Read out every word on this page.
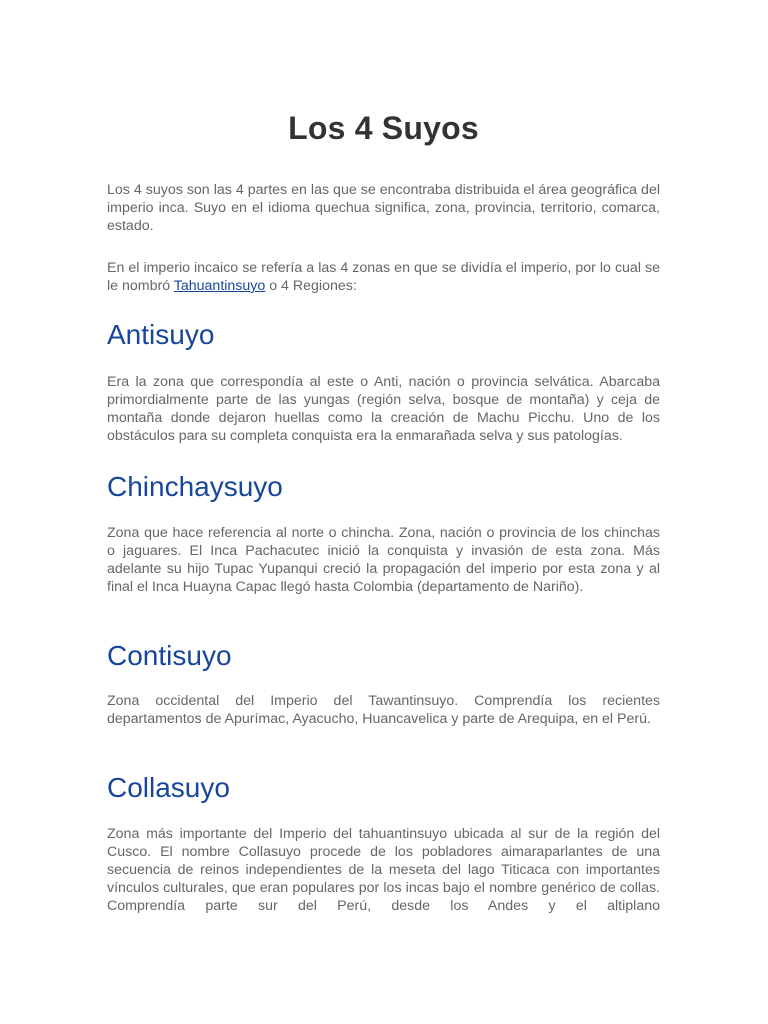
Los 4 Suyos

Los 4 suyos son las 4 partes en las que se encontraba distribuida el área geográfica del imperio inca. Suyo en el idioma quechua significa, zona, provincia, territorio, comarca, estado.

En el imperio incaico se refería a las 4 zonas en que se dividía el imperio, por lo cual se le nombró Tahuantinsuyo o 4 Regiones:

Antisuyo

Era la zona que correspondía al este o Anti, nación o provincia selvática. Abarcaba primordialmente parte de las yungas (región selva, bosque de montaña) y ceja de montaña donde dejaron huellas como la creación de Machu Picchu. Uno de los obstáculos para su completa conquista era la enmarañada selva y sus patologías.

Chinchaysuyo

Zona que hace referencia al norte o chincha. Zona, nación o provincia de los chinchas o jaguares. El Inca Pachacutec inició la conquista y invasión de esta zona. Más adelante su hijo Tupac Yupanqui creció la propagación del imperio por esta zona y al final el Inca Huayna Capac llegó hasta Colombia (departamento de Nariño).

Contisuyo

Zona occidental del Imperio del Tawantinsuyo. Comprendía los recientes departamentos de Apurímac, Ayacucho, Huancavelica y parte de Arequipa, en el Perú.

Collasuyo

Zona más importante del Imperio del tahuantinsuyo ubicada al sur de la región del Cusco. El nombre Collasuyo procede de los pobladores aimaraparlantes de una secuencia de reinos independientes de la meseta del lago Titicaca con importantes vínculos culturales, que eran populares por los incas bajo el nombre genérico de collas. Comprendía parte sur del Perú, desde los Andes y el altiplano
